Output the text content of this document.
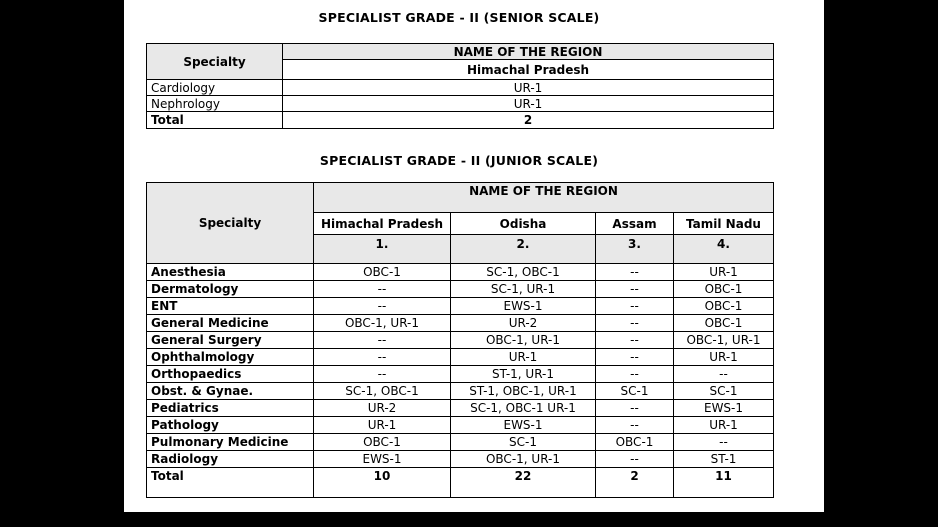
SPECIALIST GRADE - II (SENIOR SCALE)
Specialty	NAME OF THE REGION
	Himachal Pradesh
Cardiology	UR-1
Nephrology	UR-1
Total	2
SPECIALIST GRADE - II (JUNIOR SCALE)
Specialty	NAME OF THE REGION			
	Himachal Pradesh	Odisha	Assam	Tamil Nadu
	1.	2.	3.	4.
Anesthesia	OBC-1	SC-1, OBC-1	--	UR-1
Dermatology	--	SC-1, UR-1	--	OBC-1
ENT	--	EWS-1	--	OBC-1
General Medicine	OBC-1, UR-1	UR-2	--	OBC-1
General Surgery	--	OBC-1, UR-1	--	OBC-1, UR-1
Ophthalmology	--	UR-1	--	UR-1
Orthopaedics	--	ST-1, UR-1	--	--
Obst. & Gynae.	SC-1, OBC-1	ST-1, OBC-1, UR-1	SC-1	SC-1
Pediatrics	UR-2	SC-1, OBC-1 UR-1	--	EWS-1
Pathology	UR-1	EWS-1	--	UR-1
Pulmonary Medicine	OBC-1	SC-1	OBC-1	--
Radiology	EWS-1	OBC-1, UR-1	--	ST-1
Total	10	22	2	11
